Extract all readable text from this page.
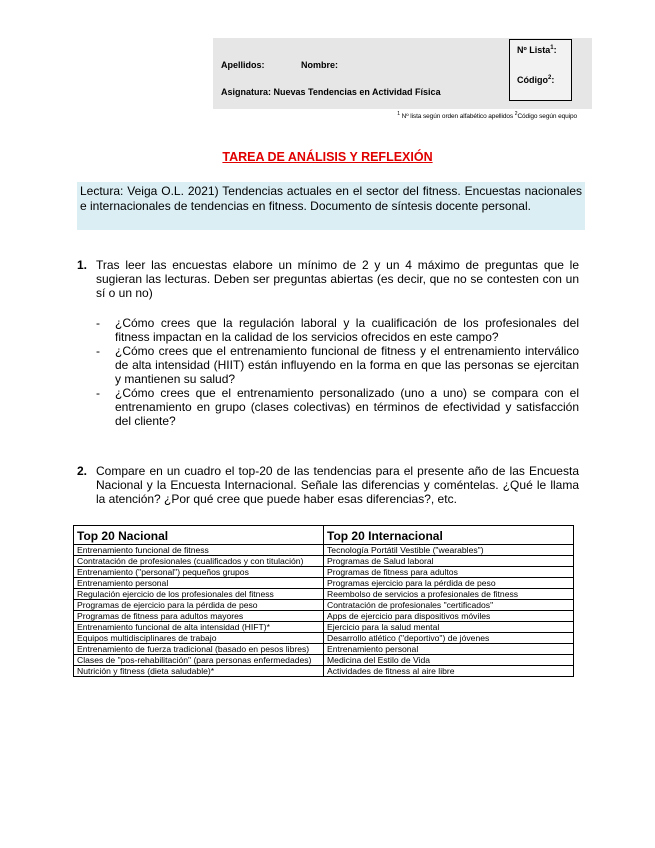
Apellidos:	Nombre:
Asignatura: Nuevas Tendencias en Actividad Física
Nº Lista$^1$:
Código$^2$:
$^1$ Nº lista según orden alfabético apellidos $^2$Código según equipo
TAREA DE ANÁLISIS Y REFLEXIÓN
Lectura: Veiga O.L. 2021) Tendencias actuales en el sector del fitness. Encuestas nacionales e internacionales de tendencias en fitness. Documento de síntesis docente personal.
1. Tras leer las encuestas elabore un mínimo de 2 y un 4 máximo de preguntas que le sugieran las lecturas. Deben ser preguntas abiertas (es decir, que no se contesten con un sí o un no)
- ¿Cómo crees que la regulación laboral y la cualificación de los profesionales del fitness impactan en la calidad de los servicios ofrecidos en este campo?
- ¿Cómo crees que el entrenamiento funcional de fitness y el entrenamiento interválico de alta intensidad (HIIT) están influyendo en la forma en que las personas se ejercitan y mantienen su salud?
- ¿Cómo crees que el entrenamiento personalizado (uno a uno) se compara con el entrenamiento en grupo (clases colectivas) en términos de efectividad y satisfacción del cliente?
2. Compare en un cuadro el top-20 de las tendencias para el presente año de las Encuesta Nacional y la Encuesta Internacional. Señale las diferencias y coméntelas. ¿Qué le llama la atención? ¿Por qué cree que puede haber esas diferencias?, etc.
Top 20 Nacional	Top 20 Internacional
Entrenamiento funcional de fitness	Tecnología Portátil Vestible ("wearables")
Contratación de profesionales (cualificados y con titulación)	Programas de Salud laboral
Entrenamiento ("personal") pequeños grupos	Programas de fitness para adultos
Entrenamiento personal	Programas ejercicio para la pérdida de peso
Regulación ejercicio de los profesionales del fitness	Reembolso de servicios a profesionales de fitness
Programas de ejercicio para la pérdida de peso	Contratación de profesionales "certificados"
Programas de fitness para adultos mayores	Apps de ejercicio para dispositivos móviles
Entrenamiento funcional de alta intensidad (HIFT)*	Ejercicio para la salud mental
Equipos multidisciplinares de trabajo	Desarrollo atlético ("deportivo") de jóvenes
Entrenamiento de fuerza tradicional (basado en pesos libres)	Entrenamiento personal
Clases de "pos-rehabilitación" (para personas enfermedades)	Medicina del Estilo de Vida
Nutrición y fitness (dieta saludable)*	Actividades de fitness al aire libre
